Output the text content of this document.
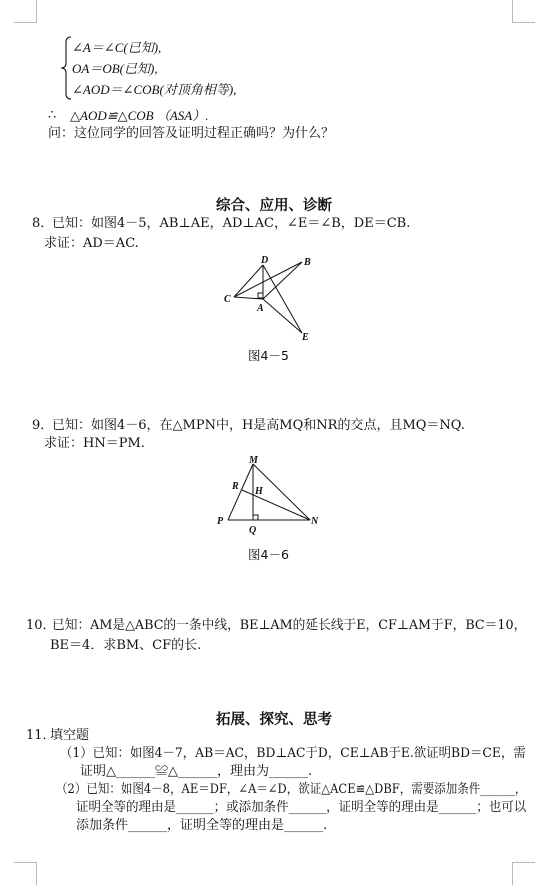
∠A＝∠C(已知),
OA＝OB(已知),
∠AOD＝∠COB(对顶角相等),
∴ △AOD≌△COB （ASA）.
问：这位同学的回答及证明过程正确吗？为什么？
综合、应用、诊断
8．
已知：如图4－5，AB⊥AE，AD⊥AC，∠E＝∠B，DE＝CB.
求证：AD＝AC.
D	B
C
A
E
图4－5
9．
已知：如图4－6，在△MPN中，H是高MQ和NR的交点，且MQ＝NQ.
求证：HN＝PM.
M
R H
P
Q
N
图4－6
10．
已知：AM是△ABC的一条中线，BE⊥AM的延长线于E，CF⊥AM于F，BC＝10，
BE＝4．求BM、CF的长.
拓展、探究、思考
11．
填空题
（1）已知：如图4－7，AB＝AC，BD⊥AC于D，CE⊥AB于E.欲证明BD＝CE，需
证明△______≌△______，理由为______.
（2）已知：如图4－8，AE＝DF，∠A＝∠D，欲证△ACE≌△DBF，需要添加条件______，
证明全等的理由是______；或添加条件______，证明全等的理由是______；也可以
添加条件______，证明全等的理由是______.
